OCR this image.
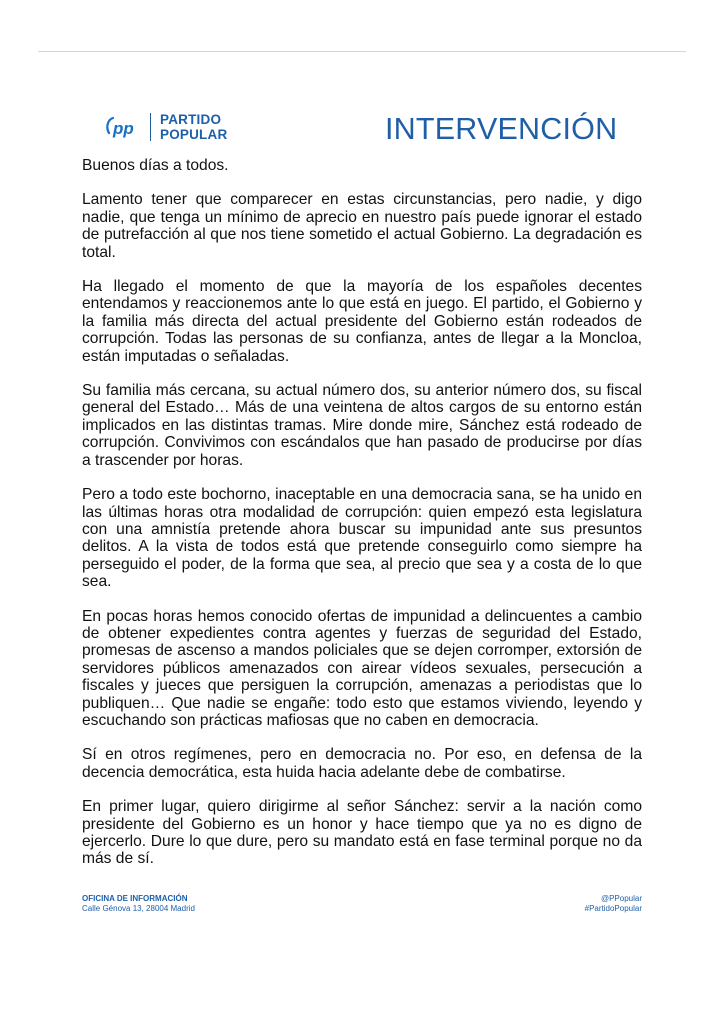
pp PARTIDO
POPULAR	INTERVENCIÓN

Buenos días a todos.

Lamento tener que comparecer en estas circunstancias, pero nadie, y digo nadie, que tenga un mínimo de aprecio en nuestro país puede ignorar el estado de putrefacción al que nos tiene sometido el actual Gobierno. La degradación es total.

Ha llegado el momento de que la mayoría de los españoles decentes entendamos y reaccionemos ante lo que está en juego. El partido, el Gobierno y la familia más directa del actual presidente del Gobierno están rodeados de corrupción. Todas las personas de su confianza, antes de llegar a la Moncloa, están imputadas o señaladas.

Su familia más cercana, su actual número dos, su anterior número dos, su fiscal general del Estado… Más de una veintena de altos cargos de su entorno están implicados en las distintas tramas. Mire donde mire, Sánchez está rodeado de corrupción. Convivimos con escándalos que han pasado de producirse por días a trascender por horas.

Pero a todo este bochorno, inaceptable en una democracia sana, se ha unido en las últimas horas otra modalidad de corrupción: quien empezó esta legislatura con una amnistía pretende ahora buscar su impunidad ante sus presuntos delitos. A la vista de todos está que pretende conseguirlo como siempre ha perseguido el poder, de la forma que sea, al precio que sea y a costa de lo que sea.

En pocas horas hemos conocido ofertas de impunidad a delincuentes a cambio de obtener expedientes contra agentes y fuerzas de seguridad del Estado, promesas de ascenso a mandos policiales que se dejen corromper, extorsión de servidores públicos amenazados con airear vídeos sexuales, persecución a fiscales y jueces que persiguen la corrupción, amenazas a periodistas que lo publiquen… Que nadie se engañe: todo esto que estamos viviendo, leyendo y escuchando son prácticas mafiosas que no caben en democracia.

Sí en otros regímenes, pero en democracia no. Por eso, en defensa de la decencia democrática, esta huida hacia adelante debe de combatirse.

En primer lugar, quiero dirigirme al señor Sánchez: servir a la nación como presidente del Gobierno es un honor y hace tiempo que ya no es digno de ejercerlo. Dure lo que dure, pero su mandato está en fase terminal porque no da más de sí.

OFICINA DE INFORMACIÓN
Calle Génova 13, 28004 Madrid
@PPopular
#PartidoPopular
